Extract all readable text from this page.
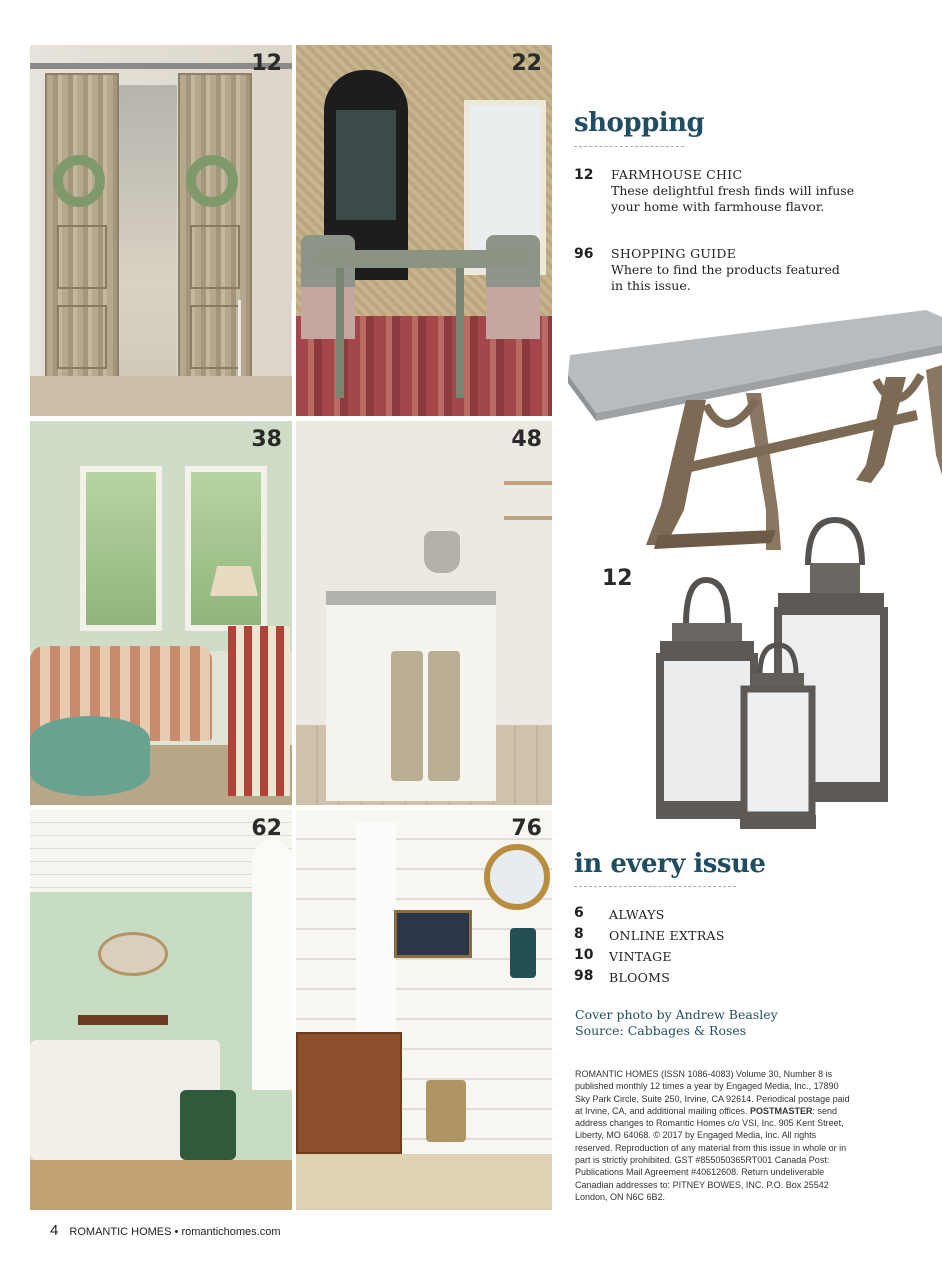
12	22
38	48
62	76
shopping
12 FARMHOUSE CHIC
These delightful fresh finds will infuse your home with farmhouse flavor.
96 SHOPPING GUIDE
Where to find the products featured in this issue.
12
in every issue
6 ALWAYS
8 ONLINE EXTRAS
10 VINTAGE
98 BLOOMS
Cover photo by Andrew Beasley
Source: Cabbages & Roses
ROMANTIC HOMES (ISSN 1086-4083) Volume 30, Number 8 is published monthly 12 times a year by Engaged Media, Inc., 17890 Sky Park Circle, Suite 250, Irvine, CA 92614. Periodical postage paid at Irvine, CA, and additional mailing offices. POSTMASTER: send address changes to Romantic Homes c/o VSI, Inc. 905 Kent Street, Liberty, MO 64068. © 2017 by Engaged Media, Inc. All rights reserved. Reproduction of any material from this issue in whole or in part is strictly prohibited. GST #855050365RT001 Canada Post: Publications Mail Agreement #40612608. Return undeliverable Canadian addresses to: PITNEY BOWES, INC. P.O. Box 25542 London, ON N6C 6B2.
4 ROMANTIC HOMES • romantichomes.com
